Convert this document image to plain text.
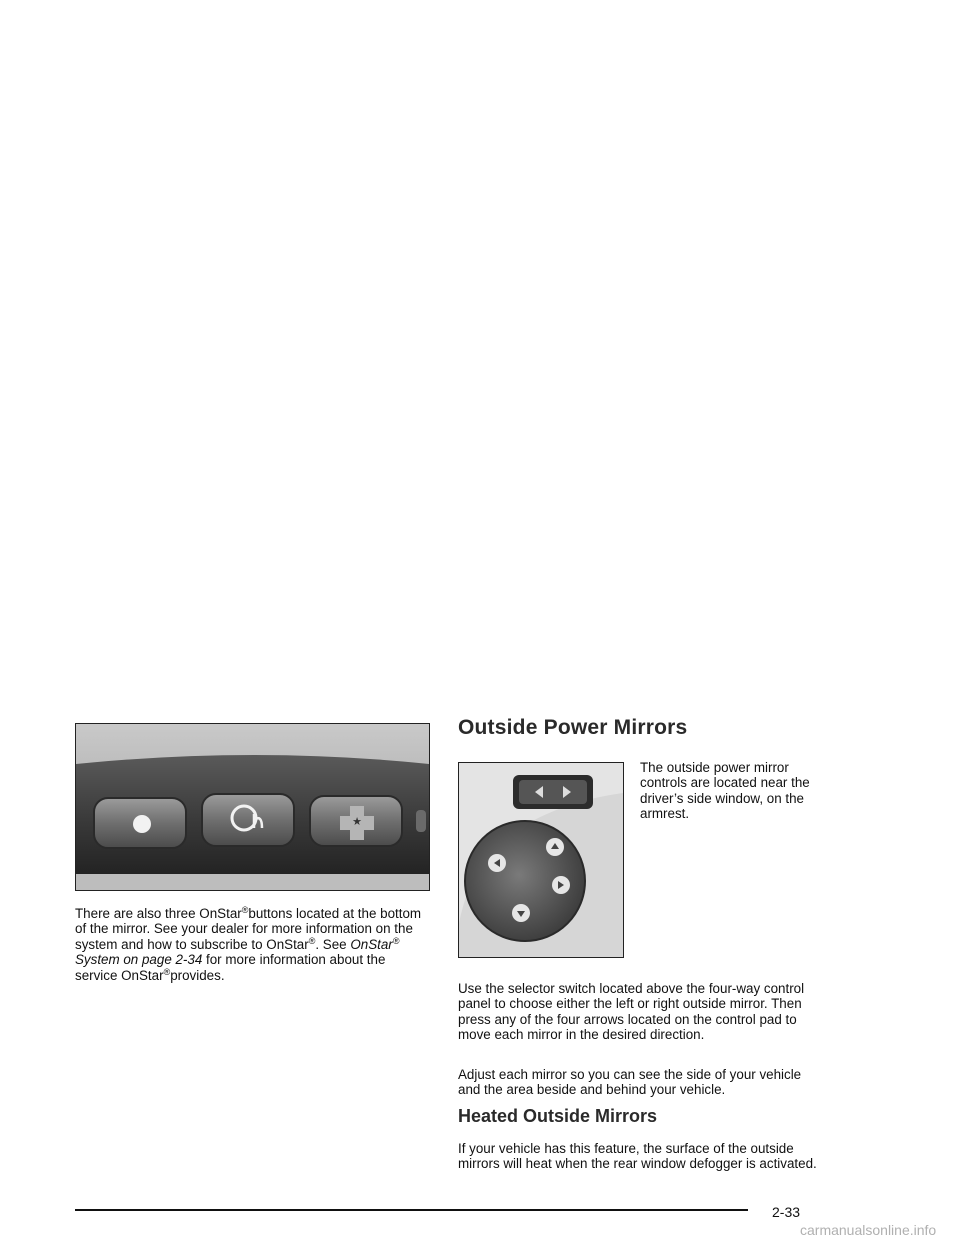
★

There are also three OnStar®buttons located at the bottom of the mirror. See your dealer for more information on the system and how to subscribe to OnStar®. See OnStar® System on page 2-34 for more information about the service OnStar®provides.

Outside Power Mirrors

The outside power mirror controls are located near the driver’s side window, on the armrest.

Use the selector switch located above the four-way control panel to choose either the left or right outside mirror. Then press any of the four arrows located on the control pad to move each mirror in the desired direction.

Adjust each mirror so you can see the side of your vehicle and the area beside and behind your vehicle.

Heated Outside Mirrors

If your vehicle has this feature, the surface of the outside mirrors will heat when the rear window defogger is activated.

2-33
carmanualsonline.info
